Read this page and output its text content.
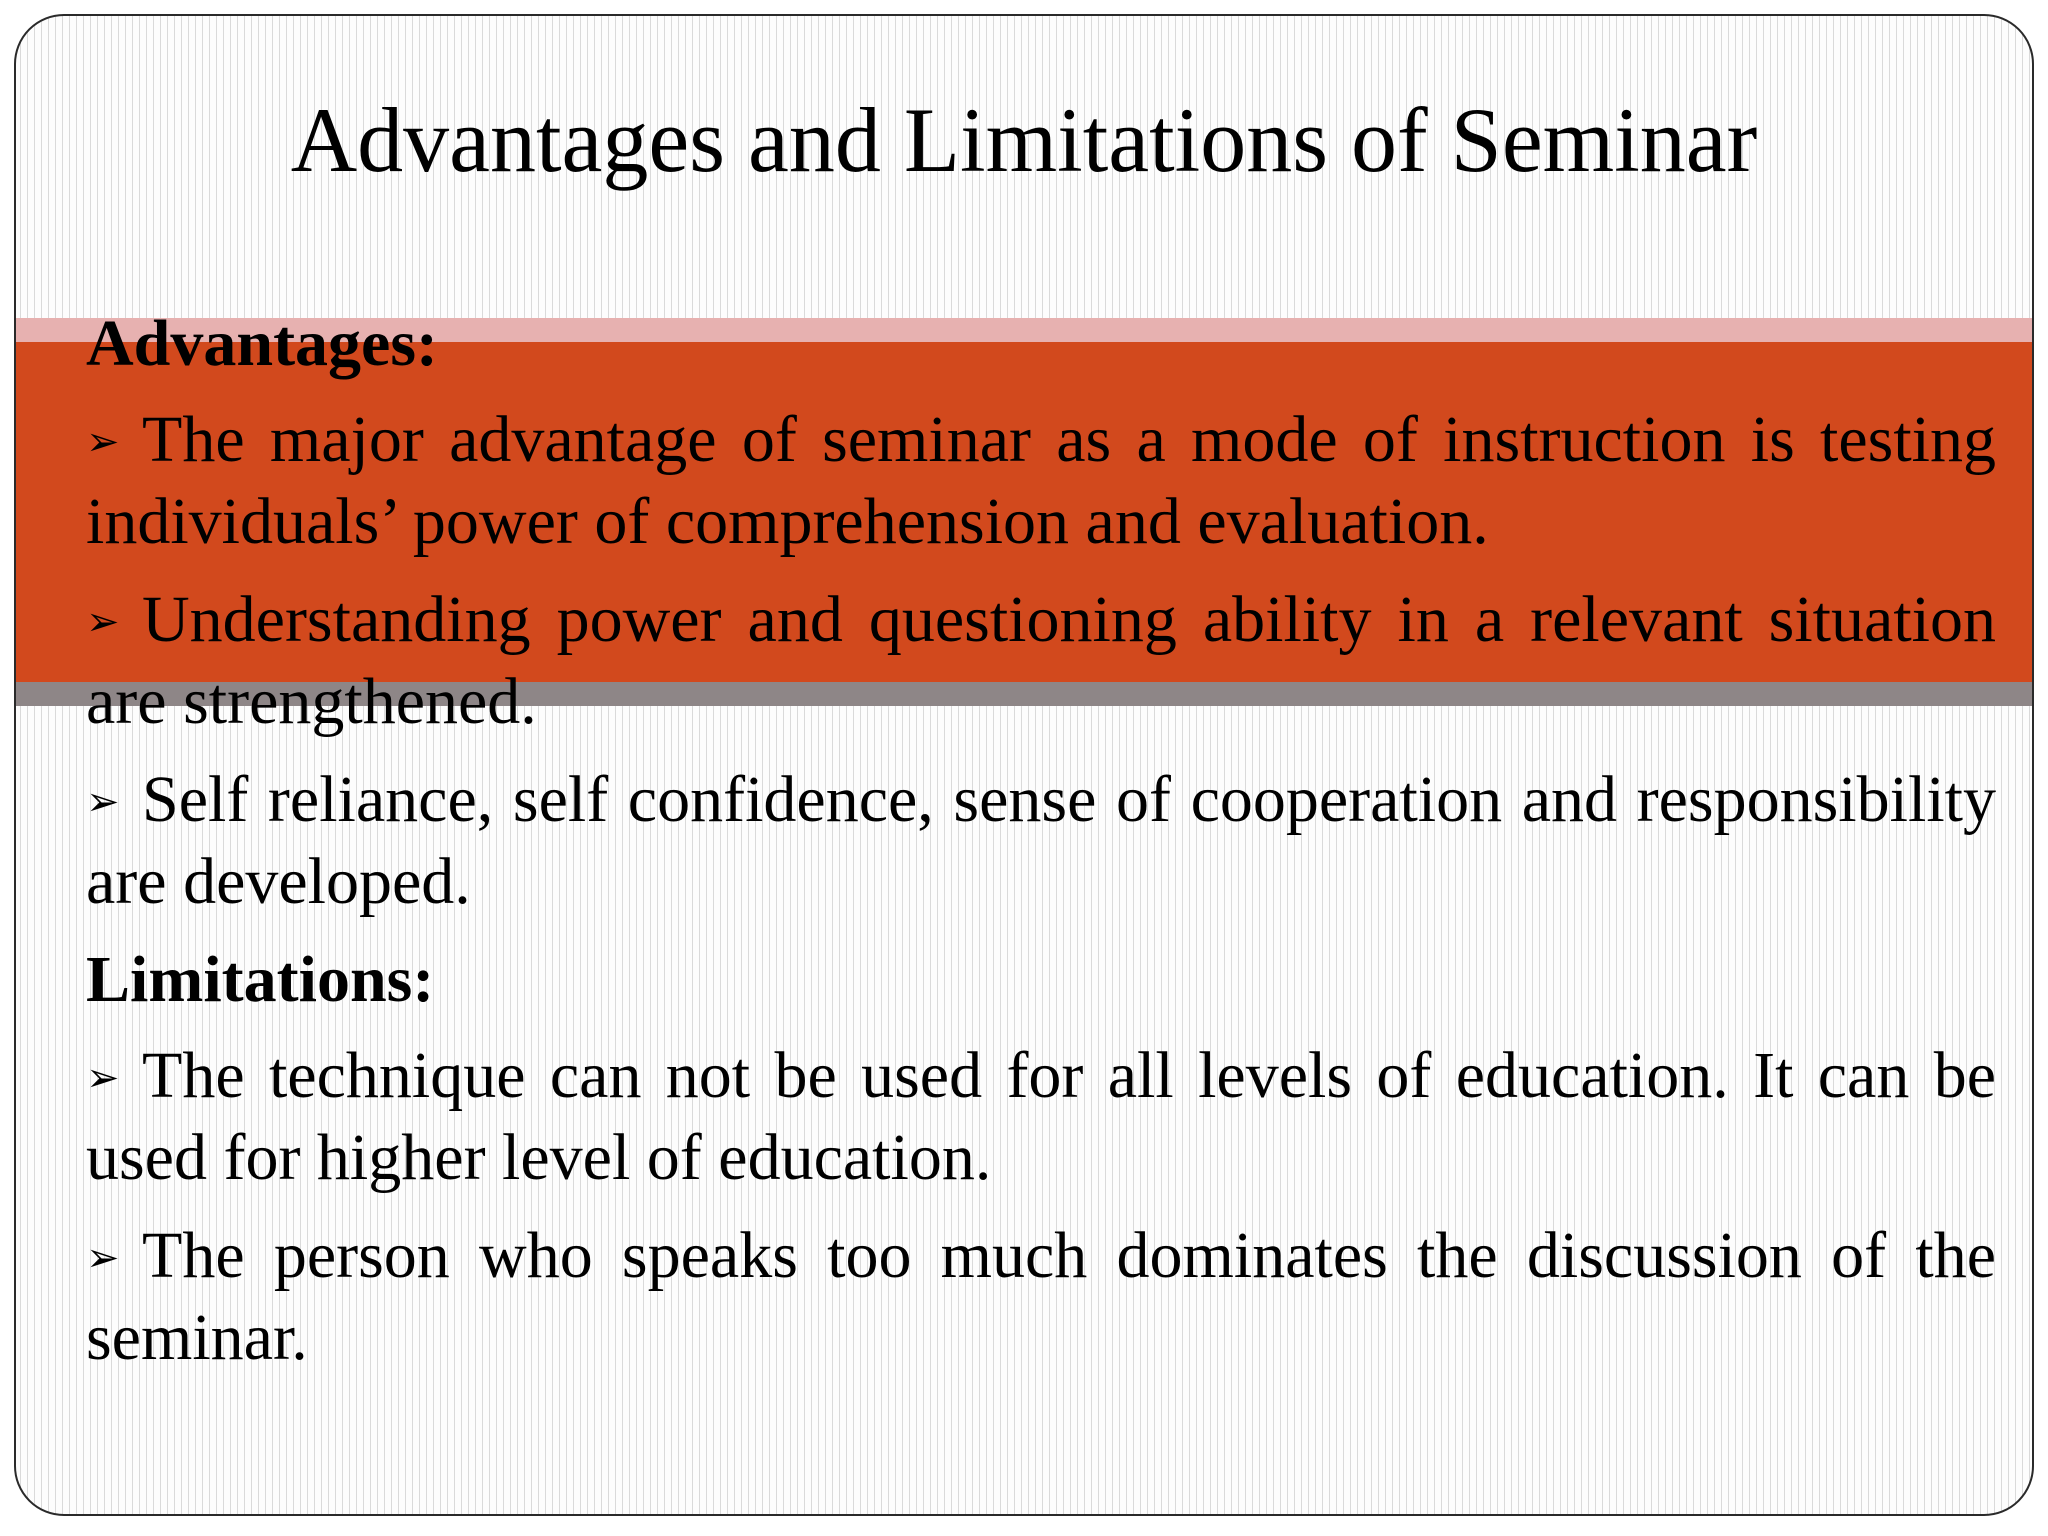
Advantages and Limitations of Seminar
Advantages:
➢ The major advantage of seminar as a mode of instruction is testing individuals’ power of comprehension and evaluation.
➢ Understanding power and questioning ability in a relevant situation are strengthened.
➢ Self reliance, self confidence, sense of cooperation and responsibility are developed.
Limitations:
➢ The technique can not be used for all levels of education. It can be used for higher level of education.
➢ The person who speaks too much dominates the discussion of the seminar.
